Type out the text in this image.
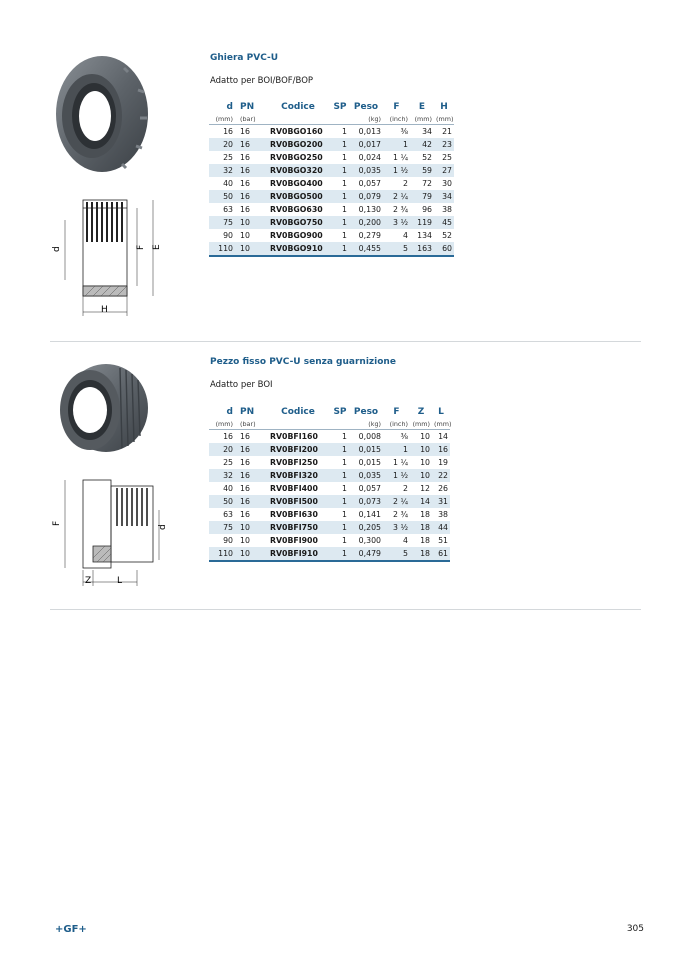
Ghiera PVC-U
Adatto per BOI/BOF/BOP
d	F E
H
d	PN	Codice	SP	Peso	F	E	H
(mm)	(bar)			(kg)	(inch)	(mm)	(mm)
16	16	RV0BGO160	1	0,013	⅜	34	21
20	16	RV0BGO200	1	0,017	1	42	23
25	16	RV0BGO250	1	0,024	1 ¼	52	25
32	16	RV0BGO320	1	0,035	1 ½	59	27
40	16	RV0BGO400	1	0,057	2	72	30
50	16	RV0BGO500	1	0,079	2 ¼	79	34
63	16	RV0BGO630	1	0,130	2 ¾	96	38
75	10	RV0BGO750	1	0,200	3 ½	119	45
90	10	RV0BGO900	1	0,279	4	134	52
110	10	RV0BGO910	1	0,455	5	163	60
Pezzo fisso PVC-U senza guarnizione
Adatto per BOI
F
d
Z	L
d	PN	Codice	SP	Peso	F	Z	L
(mm)	(bar)			(kg)	(inch)	(mm)	(mm)
16	16	RV0BFI160	1	0,008	⅜	10	14
20	16	RV0BFI200	1	0,015	1	10	16
25	16	RV0BFI250	1	0,015	1 ¼	10	19
32	16	RV0BFI320	1	0,035	1 ½	10	22
40	16	RV0BFI400	1	0,057	2	12	26
50	16	RV0BFI500	1	0,073	2 ¼	14	31
63	16	RV0BFI630	1	0,141	2 ¾	18	38
75	10	RV0BFI750	1	0,205	3 ½	18	44
90	10	RV0BFI900	1	0,300	4	18	51
110	10	RV0BFI910	1	0,479	5	18	61
+GF+	305
